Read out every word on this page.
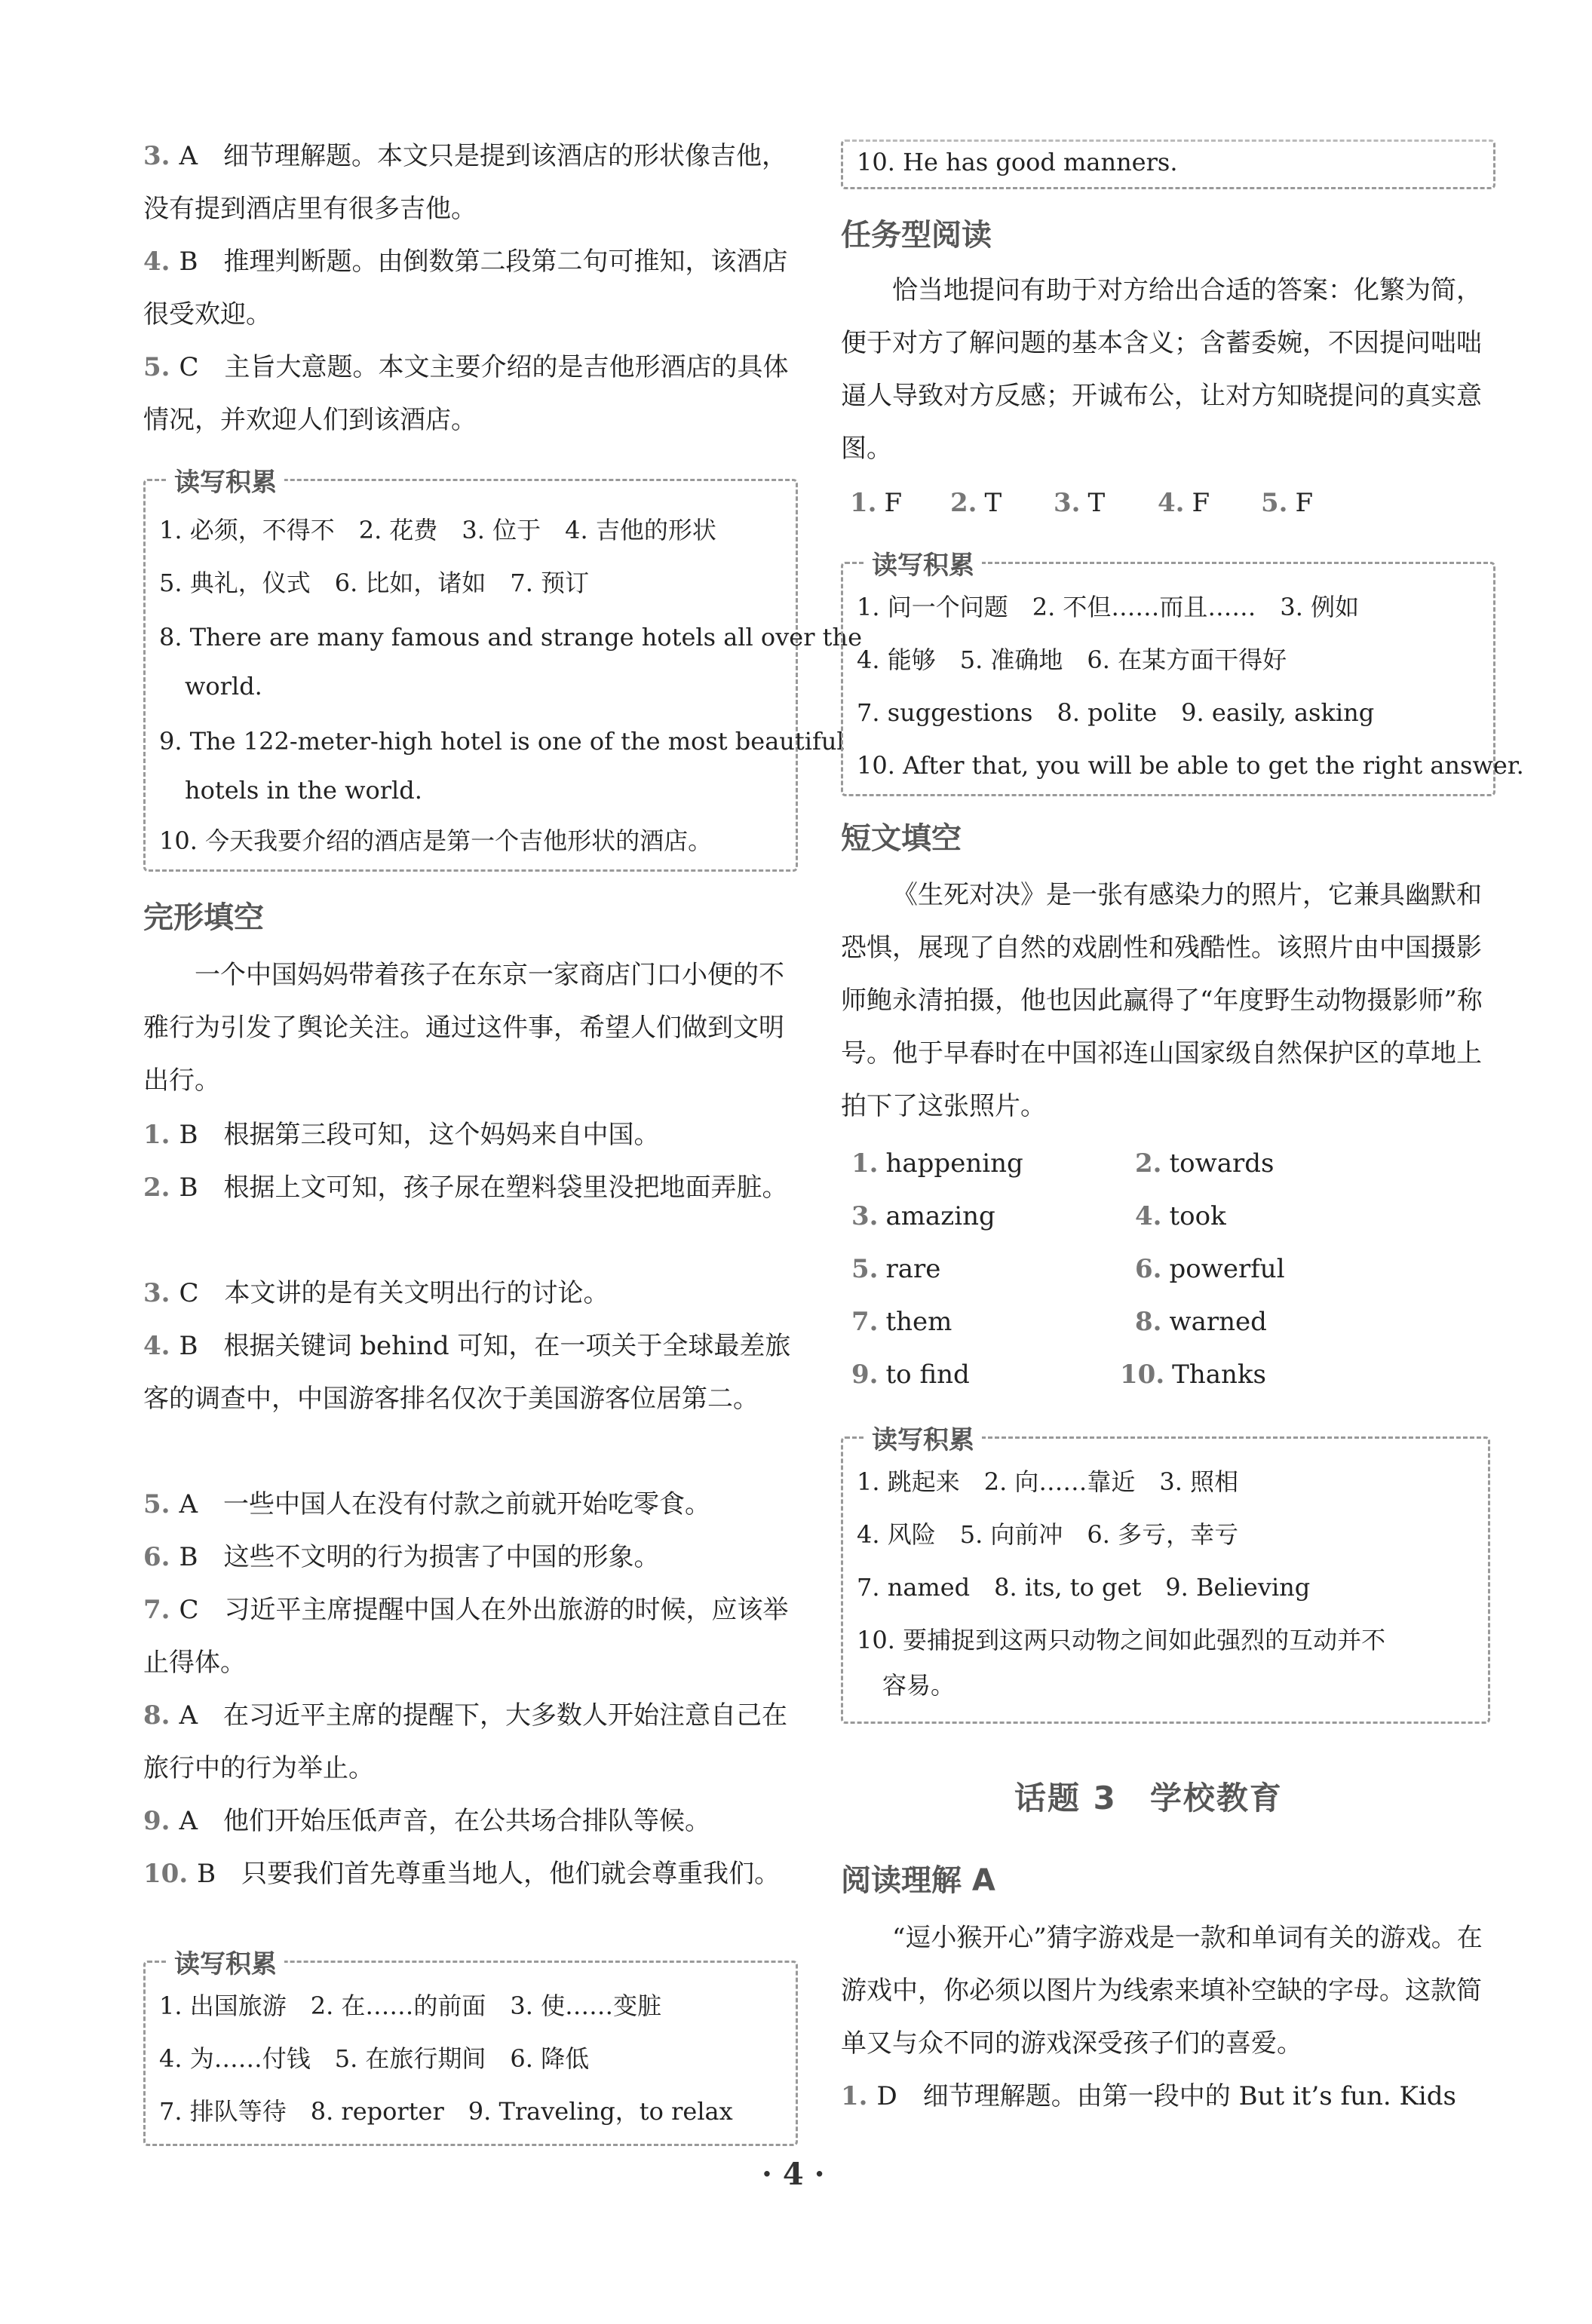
3. A　细节理解题。本文只是提到该酒店的形状像吉他，没有提到酒店里有很多吉他。
4. B　推理判断题。由倒数第二段第二句可推知，该酒店很受欢迎。
5. C　主旨大意题。本文主要介绍的是吉他形酒店的具体情况，并欢迎人们到该酒店。
读写积累
1. 必须，不得不　2. 花费　3. 位于　4. 吉他的形状
5. 典礼，仪式　6. 比如，诸如　7. 预订
8. There are many famous and strange hotels all over the
world.
9. The 122-meter-high hotel is one of the most beautiful
hotels in the world.
10. 今天我要介绍的酒店是第一个吉他形状的酒店。
完形填空
一个中国妈妈带着孩子在东京一家商店门口小便的不雅行为引发了舆论关注。通过这件事，希望人们做到文明出行。
1. B　根据第三段可知，这个妈妈来自中国。
2. B　根据上文可知，孩子尿在塑料袋里没把地面弄脏。
3. C　本文讲的是有关文明出行的讨论。
4. B　根据关键词 behind 可知，在一项关于全球最差旅客的调查中，中国游客排名仅次于美国游客位居第二。
5. A　一些中国人在没有付款之前就开始吃零食。
6. B　这些不文明的行为损害了中国的形象。
7. C　习近平主席提醒中国人在外出旅游的时候，应该举止得体。
8. A　在习近平主席的提醒下，大多数人开始注意自己在旅行中的行为举止。
9. A　他们开始压低声音，在公共场合排队等候。
10. B　只要我们首先尊重当地人，他们就会尊重我们。
读写积累
1. 出国旅游　2. 在……的前面　3. 使……变脏
4. 为……付钱　5. 在旅行期间　6. 降低
7. 排队等待　8. reporter　9. Traveling，to relax
10. He has good manners.
任务型阅读
恰当地提问有助于对方给出合适的答案：化繁为简，便于对方了解问题的基本含义；含蓄委婉，不因提问咄咄逼人导致对方反感；开诚布公，让对方知晓提问的真实意图。
1. F 2. T 3. T 4. F 5. F
读写积累
1. 问一个问题　2. 不但……而且……　3. 例如
4. 能够　5. 准确地　6. 在某方面干得好
7. suggestions　8. polite　9. easily, asking
10. After that, you will be able to get the right answer.
短文填空
《生死对决》是一张有感染力的照片，它兼具幽默和恐惧，展现了自然的戏剧性和残酷性。该照片由中国摄影师鲍永清拍摄，他也因此赢得了“年度野生动物摄影师”称号。他于早春时在中国祁连山国家级自然保护区的草地上拍下了这张照片。
1. happening	2. towards
3. amazing	4. took
5. rare	6. powerful
7. them	8. warned
9. to find	10. Thanks
读写积累
1. 跳起来　2. 向……靠近　3. 照相
4. 风险　5. 向前冲　6. 多亏，幸亏
7. named　8. its, to get　9. Believing
10. 要捕捉到这两只动物之间如此强烈的互动并不
容易。
阅读理解 A
“逗小猴开心”猜字游戏是一款和单词有关的游戏。在游戏中，你必须以图片为线索来填补空缺的字母。这款简单又与众不同的游戏深受孩子们的喜爱。
1. D　细节理解题。由第一段中的 But it’s fun. Kids
话题 3　学校教育
· 4 ·
